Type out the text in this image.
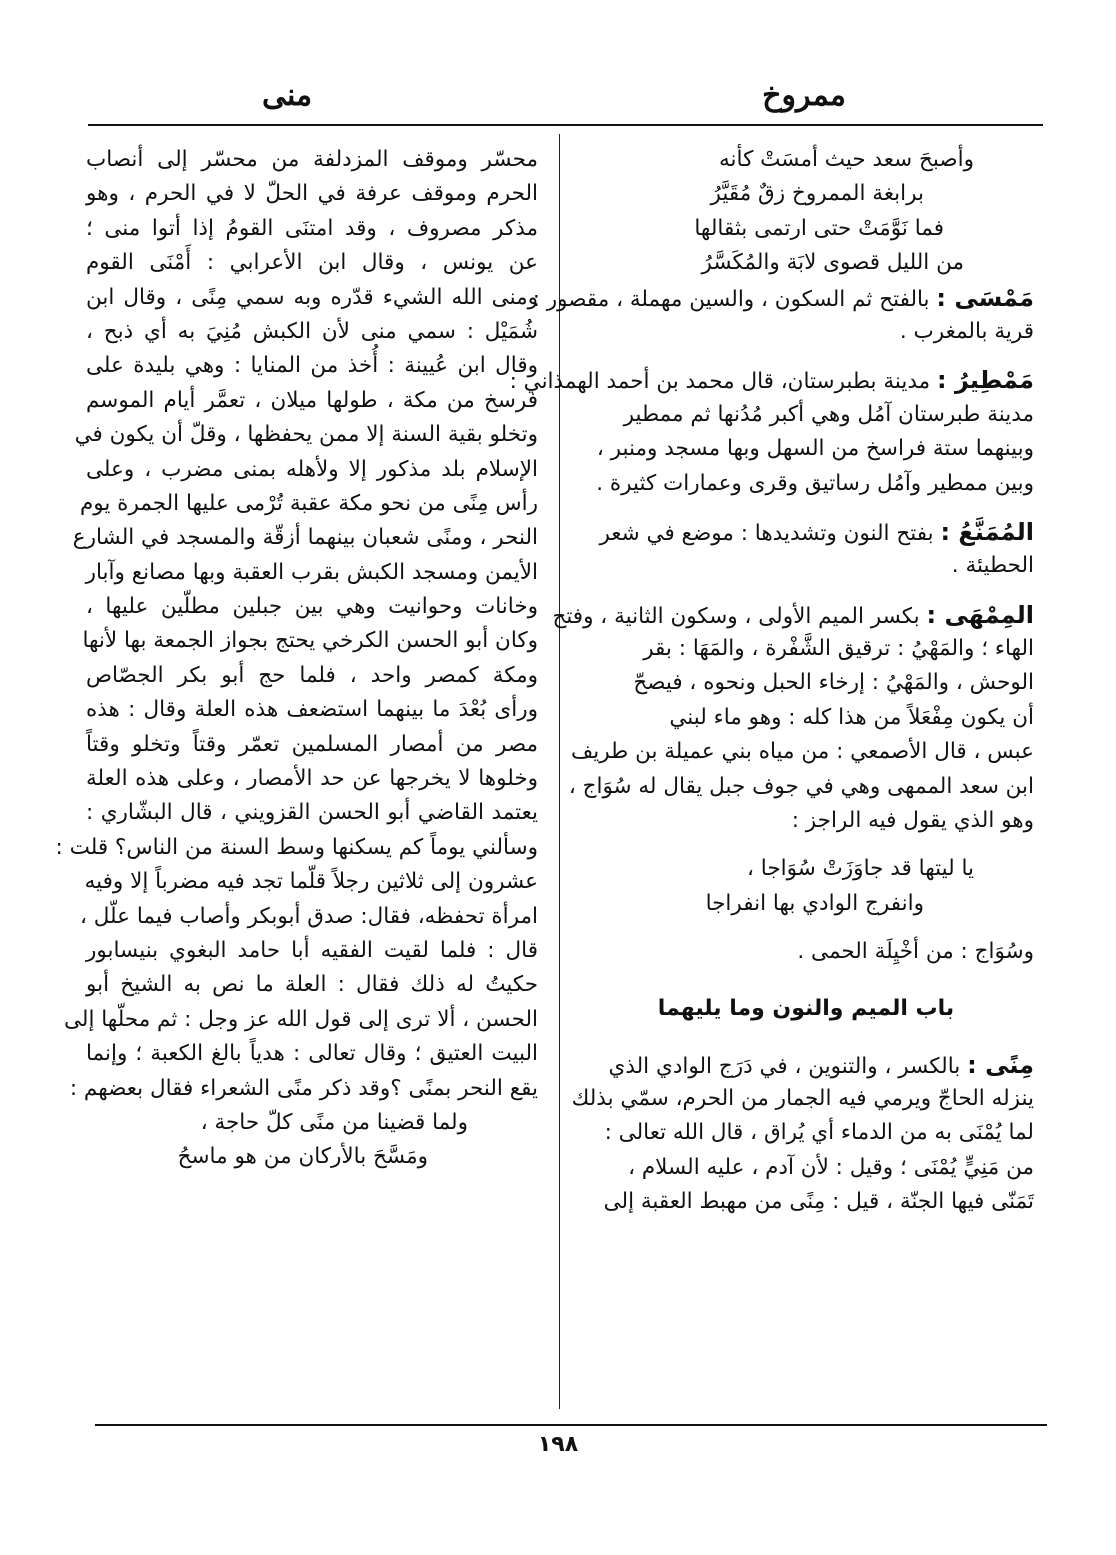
ممروخ
منى
وأصبحَ سعد حيث أمسَتْ كأنه
برابغة الممروخ زقٌ مُقَيَّرُ
فما نَوَّمَتْ حتى ارتمى بثقالها
من الليل قصوى لابَة والمُكَسَّرُ
مَمْسَى : بالفتح ثم السكون ، والسين مهملة ، مقصور :
قرية بالمغرب .
مَمْطِيرُ : مدينة بطبرستان، قال محمد بن أحمد الهمذاني :
مدينة طبرستان آمُل وهي أكبر مُدُنها ثم ممطير
وبينهما ستة فراسخ من السهل وبها مسجد ومنبر ،
وبين ممطير وآمُل رساتيق وقرى وعمارات كثيرة .
المُمَنَّعُ : بفتح النون وتشديدها : موضع في شعر
الحطيئة .
المِمْهَى : بكسر الميم الأولى ، وسكون الثانية ، وفتح
الهاء ؛ والمَهْيُ : ترقيق الشَّفْرة ، والمَهَا : بقر
الوحش ، والمَهْيُ : إرخاء الحبل ونحوه ، فيصحّ
أن يكون مِفْعَلاً من هذا كله : وهو ماء لبني
عبس ، قال الأصمعي : من مياه بني عميلة بن طريف
ابن سعد الممهى وهي في جوف جبل يقال له سُوَاج ،
وهو الذي يقول فيه الراجز :
يا ليتها قد جاوَزَتْ سُوَاجا ،
وانفرج الوادي بها انفراجا
وسُوَاج : من أخْيِلَة الحمى .
باب الميم والنون وما يليهما
مِنًى : بالكسر ، والتنوين ، في دَرَج الوادي الذي
ينزله الحاجّ ويرمي فيه الجمار من الحرم، سمّي بذلك
لما يُمْنَى به من الدماء أي يُراق ، قال الله تعالى :
من مَنِيٍّ يُمْنَى ؛ وقيل : لأن آدم ، عليه السلام ،
تَمَنّى فيها الجنّة ، قيل : مِنًى من مهبط العقبة إلى
محسّر وموقف المزدلفة من محسّر إلى أنصاب
الحرم وموقف عرفة في الحلّ لا في الحرم ، وهو
مذكر مصروف ، وقد امتنَى القومُ إذا أتوا منى ؛
عن يونس ، وقال ابن الأعرابي : أَمْنَى القوم
ومنى الله الشيء قدّره وبه سمي مِنًى ، وقال ابن
شُمَيْل : سمي منى لأن الكبش مُنِيَ به أي ذبح ،
وقال ابن عُيينة : أُخذ من المنايا : وهي بليدة على
فرسخ من مكة ، طولها ميلان ، تعمَّر أيام الموسم
وتخلو بقية السنة إلا ممن يحفظها ، وقلّ أن يكون في
الإسلام بلد مذكور إلا ولأهله بمنى مضرب ، وعلى
رأس مِنًى من نحو مكة عقبة تُرْمى عليها الجمرة يوم
النحر ، ومنًى شعبان بينهما أزقّة والمسجد في الشارع
الأيمن ومسجد الكبش بقرب العقبة وبها مصانع وآبار
وخانات وحوانيت وهي بين جبلين مطلّين عليها ،
وكان أبو الحسن الكرخي يحتج بجواز الجمعة بها لأنها
ومكة كمصر واحد ، فلما حج أبو بكر الجصّاص
ورأى بُعْدَ ما بينهما استضعف هذه العلة وقال : هذه
مصر من أمصار المسلمين تعمّر وقتاً وتخلو وقتاً
وخلوها لا يخرجها عن حد الأمصار ، وعلى هذه العلة
يعتمد القاضي أبو الحسن القزويني ، قال البشّاري :
وسألني يوماً كم يسكنها وسط السنة من الناس؟ قلت :
عشرون إلى ثلاثين رجلاً قلّما تجد فيه مضرباً إلا وفيه
امرأة تحفظه، فقال: صدق أبوبكر وأصاب فيما علّل ،
قال : فلما لقيت الفقيه أبا حامد البغوي بنيسابور
حكيتُ له ذلك فقال : العلة ما نص به الشيخ أبو
الحسن ، ألا ترى إلى قول الله عز وجل : ثم محلّها إلى
البيت العتيق ؛ وقال تعالى : هدياً بالغ الكعبة ؛ وإنما
يقع النحر بمنًى ؟وقد ذكر منًى الشعراء فقال بعضهم :
ولما قضينا من منًى كلّ حاجة ،
ومَسَّحَ بالأركان من هو ماسحُ
١٩٨
